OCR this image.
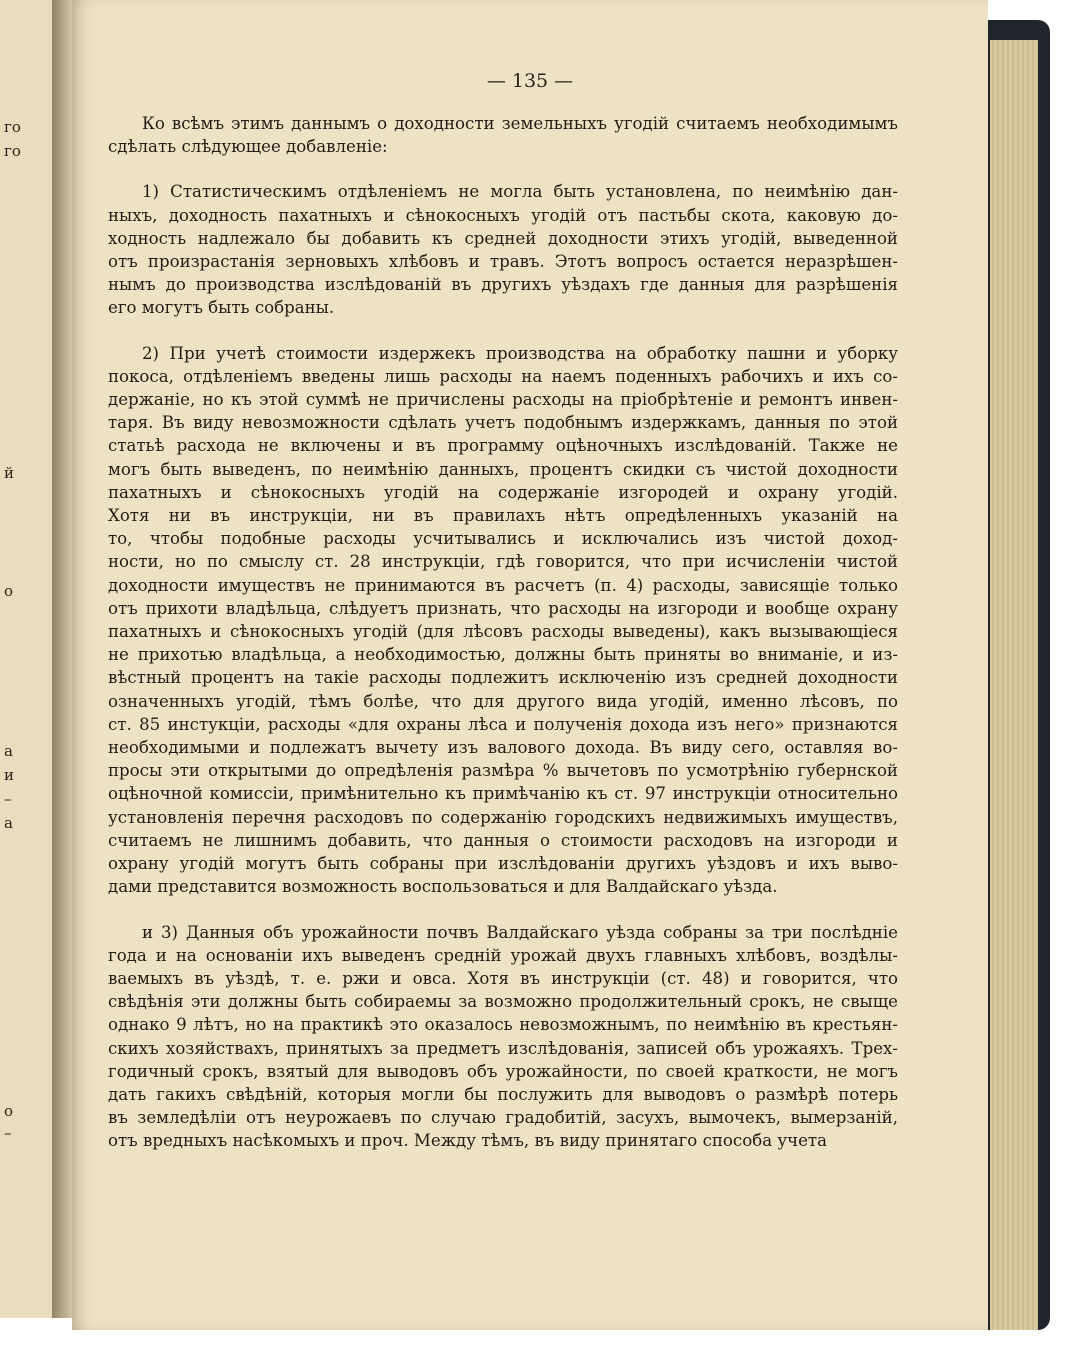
го
го
й
о
а
и
–
а
о
–
— 135 —
Ко всѣмъ этимъ даннымъ о доходности земельныхъ угодій считаемъ необходимымъ
сдѣлать слѣдующее добавленіе:
1) Статистическимъ отдѣленіемъ не могла быть установлена, по неимѣнію дан-
ныхъ, доходность пахатныхъ и сѣнокосныхъ угодій отъ пастьбы скота, каковую до-
ходность надлежало бы добавить къ средней доходности этихъ угодій, выведенной
отъ произрастанія зерновыхъ хлѣбовъ и травъ. Этотъ вопросъ остается неразрѣшен-
нымъ до производства изслѣдованій въ другихъ уѣздахъ где данныя для разрѣшенія
его могутъ быть собраны.
2) При учетѣ стоимости издержекъ производства на обработку пашни и уборку
покоса, отдѣленіемъ введены лишь расходы на наемъ поденныхъ рабочихъ и ихъ со-
держаніе, но къ этой суммѣ не причислены расходы на пріобрѣтеніе и ремонтъ инвен-
таря. Въ виду невозможности сдѣлать учетъ подобнымъ издержкамъ, данныя по этой
статьѣ расхода не включены и въ программу оцѣночныхъ изслѣдованій. Также не
могъ быть выведенъ, по неимѣнію данныхъ, процентъ скидки съ чистой доходности
пахатныхъ и сѣнокосныхъ угодій на содержаніе изгородей и охрану угодій.
Хотя ни въ инструкціи, ни въ правилахъ нѣтъ опредѣленныхъ указаній на
то, чтобы подобные расходы усчитывались и исключались изъ чистой доход-
ности, но по смыслу ст. 28 инструкціи, гдѣ говорится, что при исчисленіи чистой
доходности имуществъ не принимаются въ расчетъ (п. 4) расходы, зависящіе только
отъ прихоти владѣльца, слѣдуетъ признать, что расходы на изгороди и вообще охрану
пахатныхъ и сѣнокосныхъ угодій (для лѣсовъ расходы выведены), какъ вызывающіеся
не прихотью владѣльца, а необходимостью, должны быть приняты во вниманіе, и из-
вѣстный процентъ на такіе расходы подлежитъ исключенію изъ средней доходности
означенныхъ угодій, тѣмъ болѣе, что для другого вида угодій, именно лѣсовъ, по
ст. 85 инстукціи, расходы «для охраны лѣса и полученія дохода изъ него» признаются
необходимыми и подлежатъ вычету изъ валового дохода. Въ виду сего, оставляя во-
просы эти открытыми до опредѣленія размѣра % вычетовъ по усмотрѣнію губернской
оцѣночной комиссіи, примѣнительно къ примѣчанію къ ст. 97 инструкціи относительно
установленія перечня расходовъ по содержанію городскихъ недвижимыхъ имуществъ,
считаемъ не лишнимъ добавить, что данныя о стоимости расходовъ на изгороди и
охрану угодій могутъ быть собраны при изслѣдованіи другихъ уѣздовъ и ихъ выво-
дами представится возможность воспользоваться и для Валдайскаго уѣзда.
и 3) Данныя объ урожайности почвъ Валдайскаго уѣзда собраны за три послѣдніе
года и на основаніи ихъ выведенъ средній урожай двухъ главныхъ хлѣбовъ, воздѣлы-
ваемыхъ въ уѣздѣ, т. е. ржи и овса. Хотя въ инструкціи (ст. 48) и говорится, что
свѣдѣнія эти должны быть собираемы за возможно продолжительный срокъ, не свыще
однако 9 лѣтъ, но на практикѣ это оказалось невозможнымъ, по неимѣнію въ крестьян-
скихъ хозяйствахъ, принятыхъ за предметъ изслѣдованія, записей объ урожаяхъ. Трех-
годичный срокъ, взятый для выводовъ объ урожайности, по своей краткости, не могъ
дать гакихъ свѣдѣній, которыя могли бы послужить для выводовъ о размѣрѣ потерь
въ земледѣліи отъ неурожаевъ по случаю градобитій, засухъ, вымочекъ, вымерзаній,
отъ вредныхъ насѣкомыхъ и проч. Между тѣмъ, въ виду принятаго способа учета
